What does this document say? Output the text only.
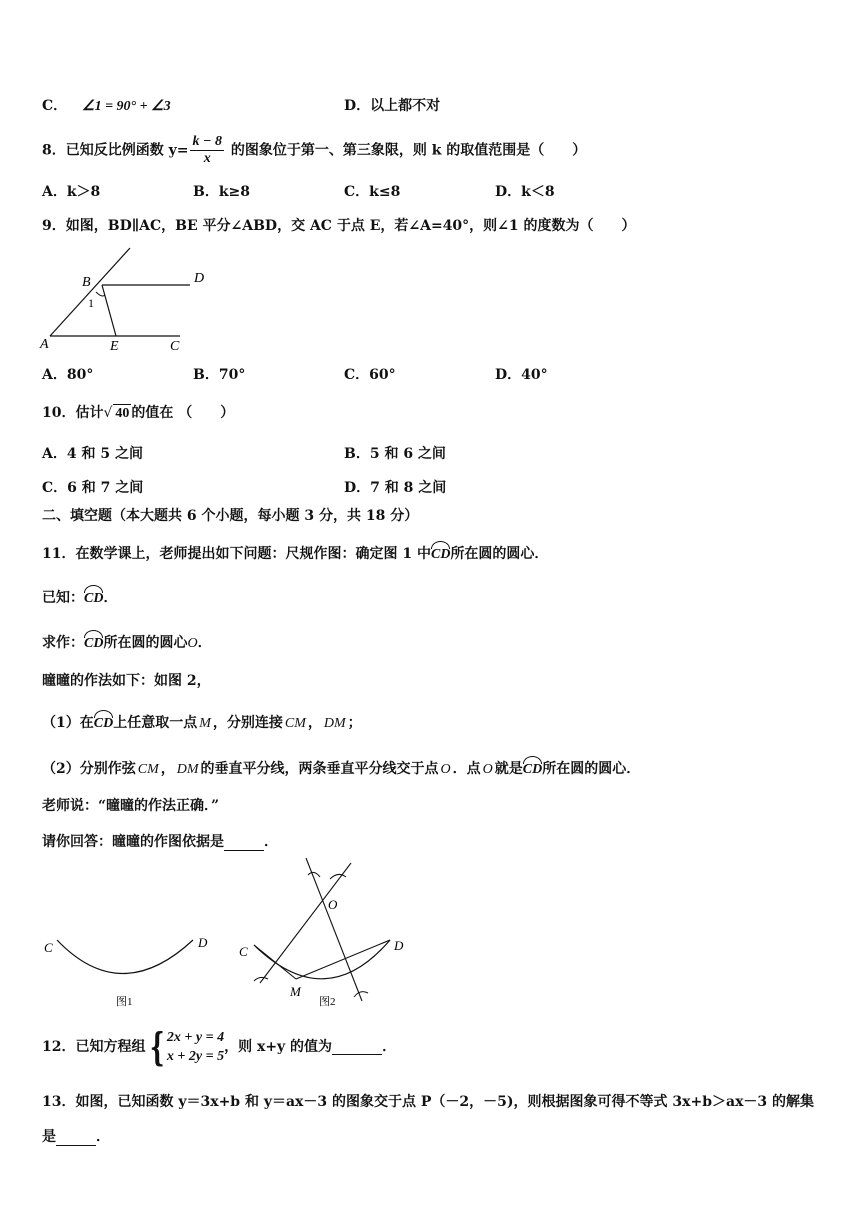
C． ∠1 = 90° + ∠3	D．以上都不对
8．已知反比例函数 $y= \frac{k - 8}{x}$ 的图象位于第一、第三象限，则 k 的取值范围是（　　）
A．k＞8	B．k≥8	C．k≤8	D．k＜8
9．如图，BD∥AC，BE 平分∠ABD，交 AC 于点 E，若∠A=40°，则∠1 的度数为（　　）
B	D
1
A	E	C
A．80°	B．70°	C．60°	D．40°
10．估计√ 40 的值在 （　　）
A．4 和 5 之间	B．5 和 6 之间
C．6 和 7 之间	D．7 和 8 之间
二、填空题（本大题共 6 个小题，每小题 3 分，共 18 分）
11．在数学课上，老师提出如下问题：尺规作图：确定图 1 中CD所在圆的圆心．
已知：CD．
求作：CD所在圆的圆心O．
曈曈的作法如下：如图 2，
（1）在CD上任意取一点 M ，分别连接 CM ， DM ；
（2）分别作弦 CM ， DM 的垂直平分线，两条垂直平分线交于点 O ．点 O 就是CD所在圆的圆心．
老师说：“曈曈的作法正确．”
请你回答：曈曈的作图依据是	．
C	D
图1
O
C	D
M
图2
12．已知方程组 { 2x + y = 4
x + 2y = 5
，则 x+y 的值为	．
13．如图，已知函数 y＝3x+b 和 y＝ax－3 的图象交于点 P（－2，－5)，则根据图象可得不等式 3x+b＞ax－3 的解集
是	．
